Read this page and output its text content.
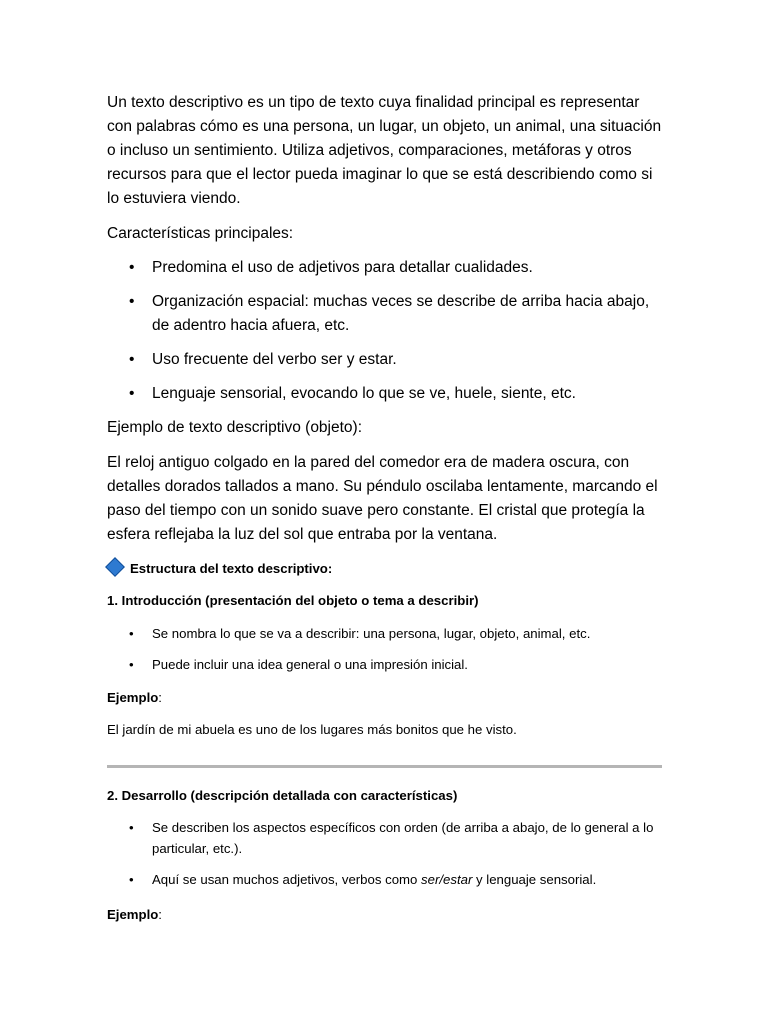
Un texto descriptivo es un tipo de texto cuya finalidad principal es representar con palabras cómo es una persona, un lugar, un objeto, un animal, una situación o incluso un sentimiento. Utiliza adjetivos, comparaciones, metáforas y otros recursos para que el lector pueda imaginar lo que se está describiendo como si lo estuviera viendo.

Características principales:

• Predomina el uso de adjetivos para detallar cualidades.
• Organización espacial: muchas veces se describe de arriba hacia abajo, de adentro hacia afuera, etc.
• Uso frecuente del verbo ser y estar.
• Lenguaje sensorial, evocando lo que se ve, huele, siente, etc.

Ejemplo de texto descriptivo (objeto):

El reloj antiguo colgado en la pared del comedor era de madera oscura, con detalles dorados tallados a mano. Su péndulo oscilaba lentamente, marcando el paso del tiempo con un sonido suave pero constante. El cristal que protegía la esfera reflejaba la luz del sol que entraba por la ventana.

Estructura del texto descriptivo:

1. Introducción (presentación del objeto o tema a describir)

• Se nombra lo que se va a describir: una persona, lugar, objeto, animal, etc.
• Puede incluir una idea general o una impresión inicial.

Ejemplo:

El jardín de mi abuela es uno de los lugares más bonitos que he visto.

2. Desarrollo (descripción detallada con características)

• Se describen los aspectos específicos con orden (de arriba a abajo, de lo general a lo particular, etc.).
• Aquí se usan muchos adjetivos, verbos como ser/estar y lenguaje sensorial.

Ejemplo:
